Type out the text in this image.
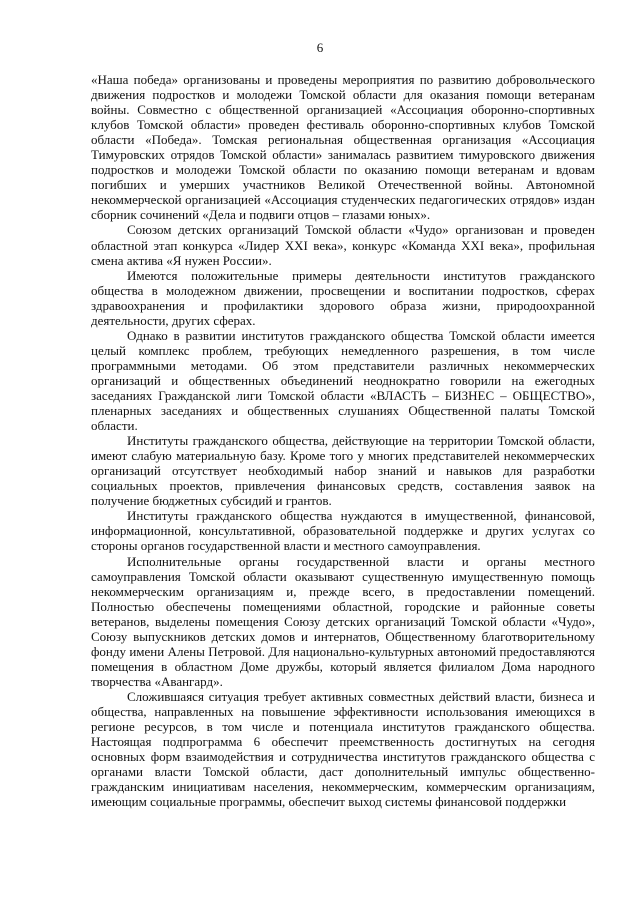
6

«Наша победа» организованы и проведены мероприятия по развитию добровольческого движения подростков и молодежи Томской области для оказания помощи ветеранам войны. Совместно с общественной организацией «Ассоциация оборонно-спортивных клубов Томской области» проведен фестиваль оборонно-спортивных клубов Томской области «Победа». Томская региональная общественная организация «Ассоциация Тимуровских отрядов Томской области» занималась развитием тимуровского движения подростков и молодежи Томской области по оказанию помощи ветеранам и вдовам погибших и умерших участников Великой Отечественной войны. Автономной некоммерческой организацией «Ассоциация студенческих педагогических отрядов» издан сборник сочинений «Дела и подвиги отцов – глазами юных».

Союзом детских организаций Томской области «Чудо» организован и проведен областной этап конкурса «Лидер XXI века», конкурс «Команда XXI века», профильная смена актива «Я нужен России».

Имеются положительные примеры деятельности институтов гражданского общества в молодежном движении, просвещении и воспитании подростков, сферах здравоохранения и профилактики здорового образа жизни, природоохранной деятельности, других сферах.

Однако в развитии институтов гражданского общества Томской области имеется целый комплекс проблем, требующих немедленного разрешения, в том числе программными методами. Об этом представители различных некоммерческих организаций и общественных объединений неоднократно говорили на ежегодных заседаниях Гражданской лиги Томской области «ВЛАСТЬ – БИЗНЕС – ОБЩЕСТВО», пленарных заседаниях и общественных слушаниях Общественной палаты Томской области.

Институты гражданского общества, действующие на территории Томской области, имеют слабую материальную базу. Кроме того у многих представителей некоммерческих организаций отсутствует необходимый набор знаний и навыков для разработки социальных проектов, привлечения финансовых средств, составления заявок на получение бюджетных субсидий и грантов.

Институты гражданского общества нуждаются в имущественной, финансовой, информационной, консультативной, образовательной поддержке и других услугах со стороны органов государственной власти и местного самоуправления.

Исполнительные органы государственной власти и органы местного самоуправления Томской области оказывают существенную имущественную помощь некоммерческим организациям и, прежде всего, в предоставлении помещений. Полностью обеспечены помещениями областной, городские и районные советы ветеранов, выделены помещения Союзу детских организаций Томской области «Чудо», Союзу выпускников детских домов и интернатов, Общественному благотворительному фонду имени Алены Петровой. Для национально-культурных автономий предоставляются помещения в областном Доме дружбы, который является филиалом Дома народного творчества «Авангард».

Сложившаяся ситуация требует активных совместных действий власти, бизнеса и общества, направленных на повышение эффективности использования имеющихся в регионе ресурсов, в том числе и потенциала институтов гражданского общества. Настоящая подпрограмма 6 обеспечит преемственность достигнутых на сегодня основных форм взаимодействия и сотрудничества институтов гражданского общества с органами власти Томской области, даст дополнительный импульс общественно-гражданским инициативам населения, некоммерческим, коммерческим организациям, имеющим социальные программы, обеспечит выход системы финансовой поддержки
